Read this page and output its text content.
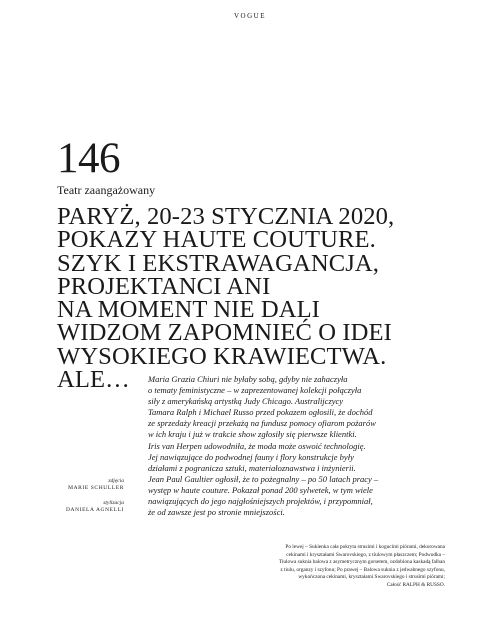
VOGUE
146
Teatr zaangażowany
PARYŻ, 20-23 STYCZNIA 2020,
POKAZY HAUTE COUTURE.
SZYK I EKSTRAWAGANCJA,
PROJEKTANCI ANI
NA MOMENT NIE DALI
WIDZOM ZAPOMNIEĆ O IDEI
WYSOKIEGO KRAWIECTWA.
ALE…	Maria Grazia Chiuri nie byłaby sobą, gdyby nie zahaczyła
o tematy feministyczne – w zaprezentowanej kolekcji połączyła
siły z amerykańską artystką Judy Chicago. Australijczycy
Tamara Ralph i Michael Russo przed pokazem ogłosili, że dochód
ze sprzedaży kreacji przekażą na fundusz pomocy ofiarom pożarów
w ich kraju i już w trakcie show zgłosiły się pierwsze klientki.
Iris van Herpen udowodniła, że moda może oswoić technologię.
Jej nawiązujące do podwodnej fauny i flory konstrukcje były
działami z pogranicza sztuki, materiałoznawstwa i inżynierii.
Jean Paul Gaultier ogłosił, że to pożegnalny – po 50 latach pracy –
występ w haute couture. Pokazał ponad 200 sylwetek, w tym wiele
nawiązujących do jego najgłośniejszych projektów, i przypomniał,
że od zawsze jest po stronie mniejszości.
zdjęcia
MARIE SCHULLER
stylizacja
DANIELA AGNELLI
Po lewej – Sukienka cała pokryta strusimi i kogucimi piórami, dekorowana
cekinami i kryształami Swarovskiego, z tiulowym płaszczem; Podwodka –
Tiulowa suknia balowa z asymetrycznym gorsetem, ozdobiona kaskadą falban
z tiulu, organzy i szyfonu; Po prawej – Balowa suknia z jedwabnego szyfonu,
wykończona cekinami, kryształami Swarovskiego i strusimi piórami;
Całość RALPH & RUSSO.
